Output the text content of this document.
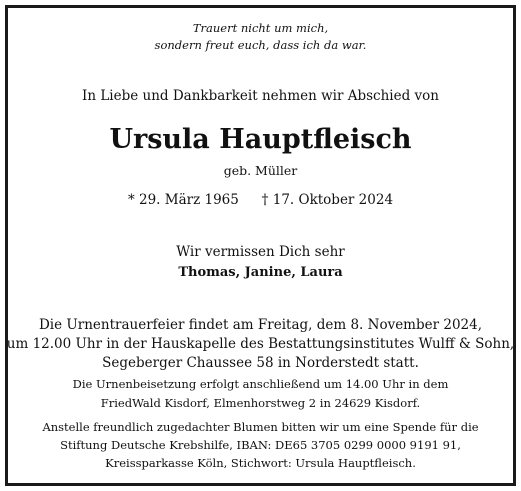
Trauert nicht um mich,
sondern freut euch, dass ich da war.
In Liebe und Dankbarkeit nehmen wir Abschied von
Ursula Hauptfleisch
geb. Müller
* 29. März 1965 † 17. Oktober 2024
Wir vermissen Dich sehr
Thomas, Janine, Laura
Die Urnentrauerfeier findet am Freitag, dem 8. November 2024,
um 12.00 Uhr in der Hauskapelle des Bestattungsinstitutes Wulff & Sohn,
Segeberger Chaussee 58 in Norderstedt statt.
Die Urnenbeisetzung erfolgt anschließend um 14.00 Uhr in dem
FriedWald Kisdorf, Elmenhorstweg 2 in 24629 Kisdorf.
Anstelle freundlich zugedachter Blumen bitten wir um eine Spende für die
Stiftung Deutsche Krebshilfe, IBAN: DE65 3705 0299 0000 9191 91,
Kreissparkasse Köln, Stichwort: Ursula Hauptfleisch.
